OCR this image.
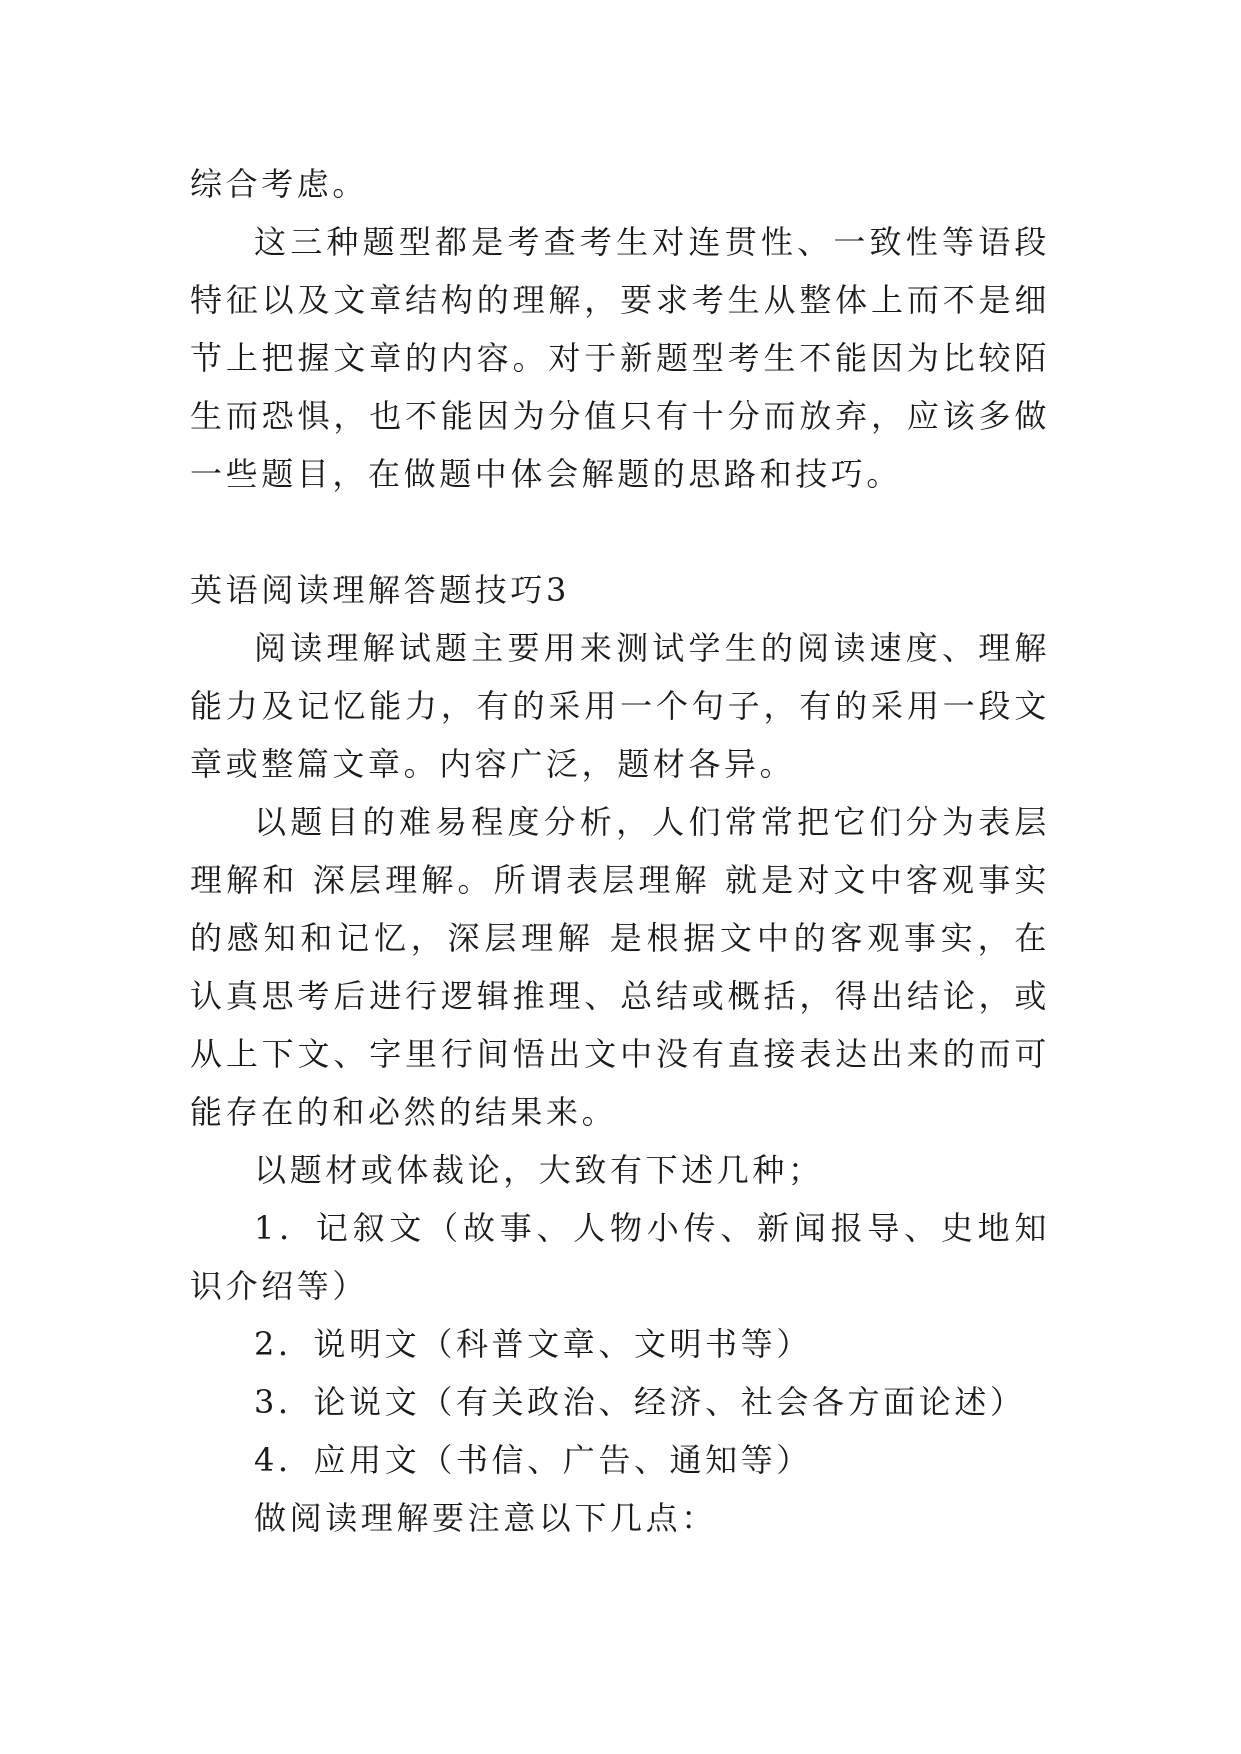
综合考虑。

这三种题型都是考查考生对连贯性、一致性等语段特征以及文章结构的理解，要求考生从整体上而不是细节上把握文章的内容。对于新题型考生不能因为比较陌生而恐惧，也不能因为分值只有十分而放弃，应该多做一些题目，在做题中体会解题的思路和技巧。

英语阅读理解答题技巧3

阅读理解试题主要用来测试学生的阅读速度、理解能力及记忆能力，有的采用一个句子，有的采用一段文章或整篇文章。内容广泛，题材各异。

以题目的难易程度分析，人们常常把它们分为表层理解和 深层理解。所谓表层理解 就是对文中客观事实的感知和记忆，深层理解 是根据文中的客观事实，在认真思考后进行逻辑推理、总结或概括，得出结论，或从上下文、字里行间悟出文中没有直接表达出来的而可能存在的和必然的结果来。

以题材或体裁论，大致有下述几种；

1．记叙文（故事、人物小传、新闻报导、史地知识介绍等）

2．说明文（科普文章、文明书等）

3．论说文（有关政治、经济、社会各方面论述）

4．应用文（书信、广告、通知等）

做阅读理解要注意以下几点：
